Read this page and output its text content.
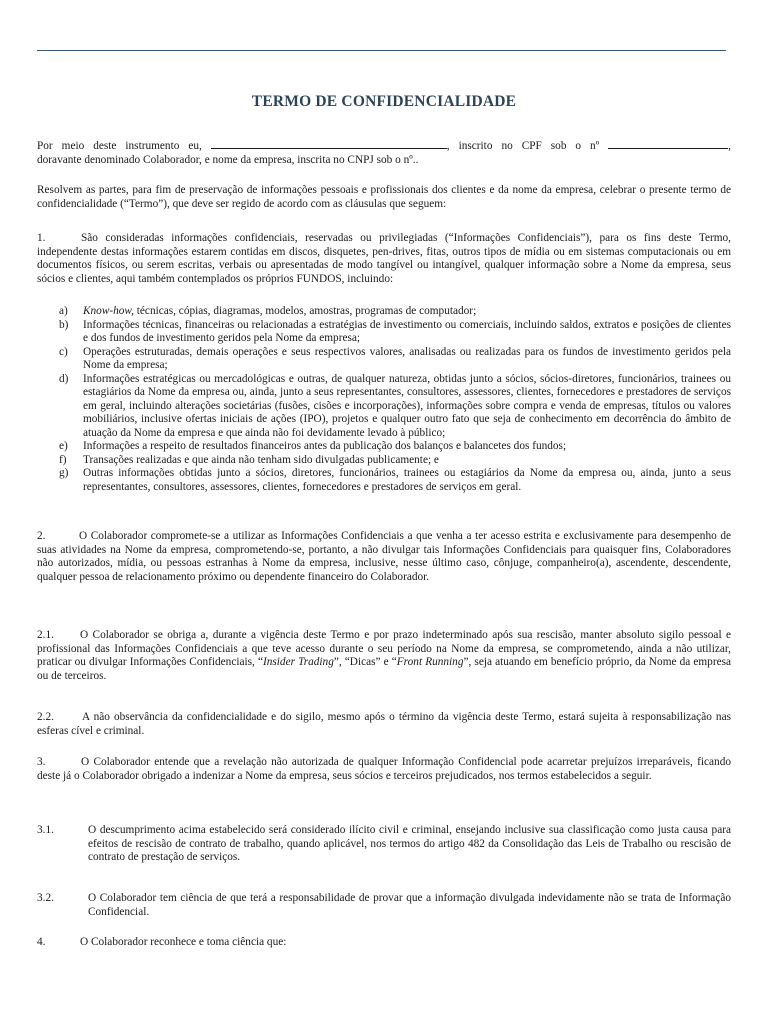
TERMO DE CONFIDENCIALIDADE

Por meio deste instrumento eu,	, inscrito no CPF sob o nº	,

doravante denominado Colaborador, e nome da empresa, inscrita no CNPJ sob o nº..

Resolvem as partes, para fim de preservação de informações pessoais e profissionais dos clientes e da nome da empresa, celebrar o presente termo de confidencialidade (“Termo”), que deve ser regido de acordo com as cláusulas que seguem:
1.	São consideradas informações confidenciais, reservadas ou privilegiadas (“Informações Confidenciais”), para os fins deste Termo, independente destas informações estarem contidas em discos, disquetes, pen-drives, fitas, outros tipos de mídia ou em sistemas computacionais ou em documentos físicos, ou serem escritas, verbais ou apresentadas de modo tangível ou intangível, qualquer informação sobre a Nome da empresa, seus sócios e clientes, aqui também contemplados os próprios FUNDOS, incluindo:
a) Know-how, técnicas, cópias, diagramas, modelos, amostras, programas de computador;
b) Informações técnicas, financeiras ou relacionadas a estratégias de investimento ou comerciais, incluindo saldos, extratos e posições de clientes e dos fundos de investimento geridos pela Nome da empresa;
c) Operações estruturadas, demais operações e seus respectivos valores, analisadas ou realizadas para os fundos de investimento geridos pela Nome da empresa;
d) Informações estratégicas ou mercadológicas e outras, de qualquer natureza, obtidas junto a sócios, sócios-diretores, funcionários, trainees ou estagiários da Nome da empresa ou, ainda, junto a seus representantes, consultores, assessores, clientes, fornecedores e prestadores de serviços em geral, incluindo alterações societárias (fusões, cisões e incorporações), informações sobre compra e venda de empresas, títulos ou valores mobiliários, inclusive ofertas iniciais de ações (IPO), projetos e qualquer outro fato que seja de conhecimento em decorrência do âmbito de atuação da Nome da empresa e que ainda não foi devidamente levado à público;
e) Informações a respeito de resultados financeiros antes da publicação dos balanços e balancetes dos fundos;
f) Transações realizadas e que ainda não tenham sido divulgadas publicamente; e
g) Outras informações obtidas junto a sócios, diretores, funcionários, trainees ou estagiários da Nome da empresa ou, ainda, junto a seus representantes, consultores, assessores, clientes, fornecedores e prestadores de serviços em geral.
2.	O Colaborador compromete-se a utilizar as Informações Confidenciais a que venha a ter acesso estrita e exclusivamente para desempenho de suas atividades na Nome da empresa, comprometendo-se, portanto, a não divulgar tais Informações Confidenciais para quaisquer fins, Colaboradores não autorizados, mídia, ou pessoas estranhas à Nome da empresa, inclusive, nesse último caso, cônjuge, companheiro(a), ascendente, descendente, qualquer pessoa de relacionamento próximo ou dependente financeiro do Colaborador.
2.1.	O Colaborador se obriga a, durante a vigência deste Termo e por prazo indeterminado após sua rescisão, manter absoluto sigilo pessoal e profissional das Informações Confidenciais a que teve acesso durante o seu período na Nome da empresa, se comprometendo, ainda a não utilizar, praticar ou divulgar Informações Confidenciais, “Insider Trading”, “Dicas” e “Front Running”, seja atuando em benefício próprio, da Nome da empresa ou de terceiros.
2.2.	A não observância da confidencialidade e do sigilo, mesmo após o término da vigência deste Termo, estará sujeita à responsabilização nas esferas cível e criminal.
3.	O Colaborador entende que a revelação não autorizada de qualquer Informação Confidencial pode acarretar prejuízos irreparáveis, ficando deste já o Colaborador obrigado a indenizar a Nome da empresa, seus sócios e terceiros prejudicados, nos termos estabelecidos a seguir.
3.1.	O descumprimento acima estabelecido será considerado ilícito civil e criminal, ensejando inclusive sua classificação como justa causa para efeitos de rescisão de contrato de trabalho, quando aplicável, nos termos do artigo 482 da Consolidação das Leis de Trabalho ou rescisão de contrato de prestação de serviços.
3.2.	O Colaborador tem ciência de que terá a responsabilidade de provar que a informação divulgada indevidamente não se trata de Informação Confidencial.
4.	O Colaborador reconhece e toma ciência que:
